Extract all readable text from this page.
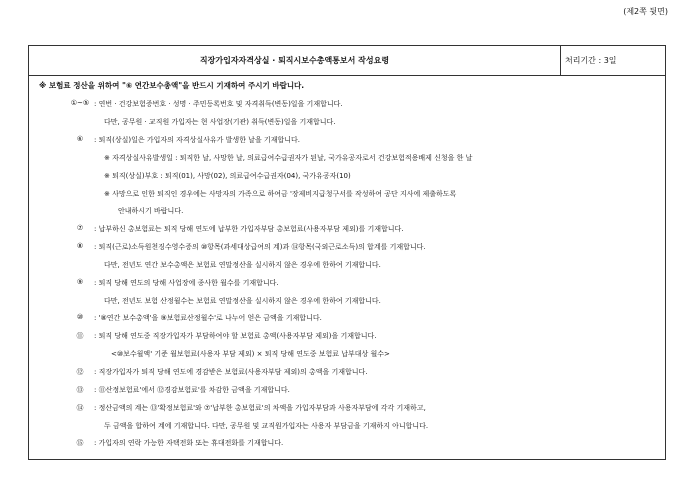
(제2쪽 뒷면)
직장가입자자격상실 · 퇴직시보수총액통보서 작성요령	처리기간 : 3일
※ 보험료 정산을 위하여 "⑥ 연간보수총액"을 반드시 기재하여 주시기 바랍니다.
①~⑤ : 연번 · 건강보험증번호 · 성명 · 주민등록번호 및 자격취득(변동)일을 기재합니다.
다만, 공무원 · 교직원 가입자는 현 사업장(기관) 취득(변동)일을 기재합니다.
⑥	: 퇴직(상실)일은 가입자의 자격상실사유가 발생한 날을 기재합니다.
※ 자격상실사유발생일 : 퇴직한 날, 사망한 날, 의료급여수급권자가 된날, 국가유공자로서 건강보험적용배제 신청을 한 날
※ 퇴직(상실)부호 : 퇴직(01), 사망(02), 의료급여수급권자(04), 국가유공자(10)
※ 사망으로 인한 퇴직인 경우에는 사망자의 가족으로 하여금 '장제비지급청구서를 작성하여 공단 지사에 제출하도록
안내하시기 바랍니다.
⑦	: 납부하신 총보험료는 퇴직 당해 연도에 납부한 가입자부담 총보험료(사용자부담 제외)를 기재합니다.
⑧	: 퇴직(근로)소득원천징수영수증의 ⑩항목(과세대상급여의 계)과 ⑭항목(국외근로소득)의 합계를 기재합니다.
다만, 전년도 연간 보수총액은 보험료 연말정산을 실시하지 않은 경우에 한하여 기재합니다.
⑨	: 퇴직 당해 연도의 당해 사업장에 종사한 월수를 기재합니다.
다만, 전년도 보험 산정월수는 보험료 연말정산을 실시하지 않은 경우에 한하여 기재합니다.
⑩	: '⑧연간 보수총액'을 ⑨보험료산정월수'로 나누어 얻은 금액을 기재합니다.
⑪	: 퇴직 당해 연도중 직장가입자가 부담하여야 할 보험료 총액(사용자부담 제외)을 기재합니다.
<⑩보수월액' 기준 월보험료(사용자 부담 제외) × 퇴직 당해 연도중 보험료 납부대상 월수>
⑫	: 직장가입자가 퇴직 당해 연도에 경감받은 보험료(사용자부담 제외)의 총액을 기재합니다.
⑬	: ⑪산정보험료'에서 ⑫경감보험료'를 차감한 금액을 기재합니다.
⑭	: 정산금액의 계는 ⑬'확정보험료'와 ⑦'납부한 총보험료'의 차액을 가입자부담과 사용자부담에 각각 기재하고,
두 금액을 합하여 계에 기재합니다. 다만, 공무원 및 교직원가입자는 사용자 부담금을 기재하지 아니합니다.
⑮	: 가입자의 연락 가능한 자택전화 또는 휴대전화를 기재합니다.
